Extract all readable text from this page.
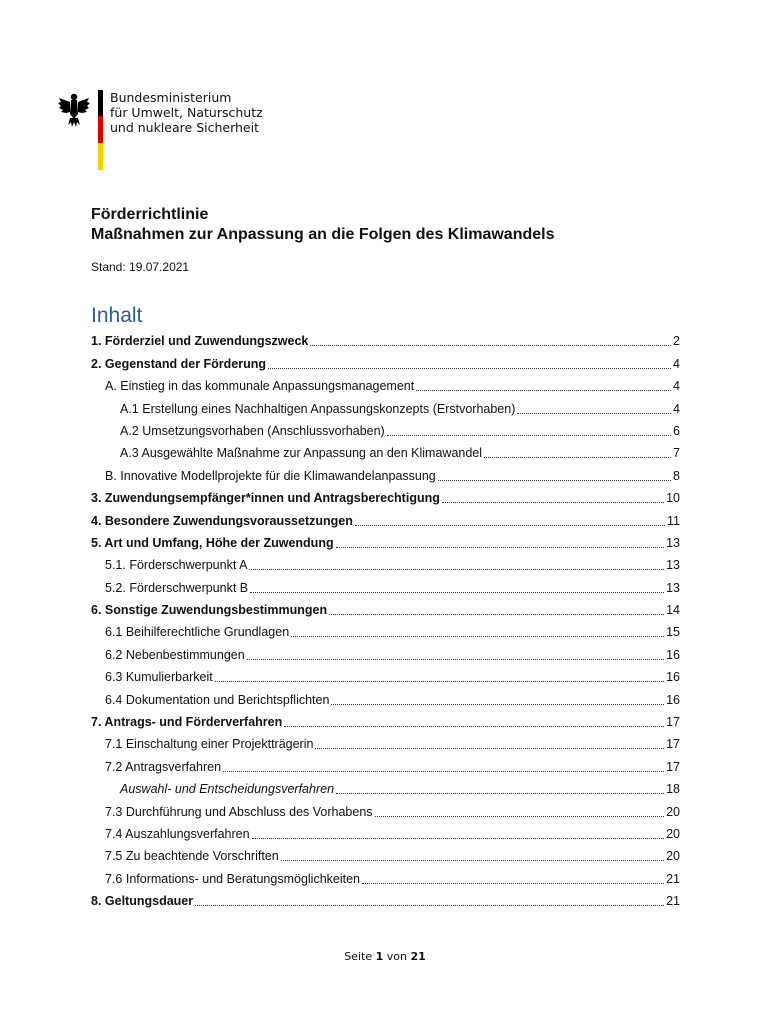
Bundesministerium
für Umwelt, Naturschutz
und nukleare Sicherheit
Förderrichtlinie
Maßnahmen zur Anpassung an die Folgen des Klimawandels
Stand: 19.07.2021
Inhalt
1. Förderziel und Zuwendungszweck	2
2. Gegenstand der Förderung	4
A. Einstieg in das kommunale Anpassungsmanagement	4
A.1 Erstellung eines Nachhaltigen Anpassungskonzepts (Erstvorhaben)	4
A.2 Umsetzungsvorhaben (Anschlussvorhaben)	6
A.3 Ausgewählte Maßnahme zur Anpassung an den Klimawandel	7
B. Innovative Modellprojekte für die Klimawandelanpassung	8
3. Zuwendungsempfänger*innen und Antragsberechtigung	10
4. Besondere Zuwendungsvoraussetzungen	11
5. Art und Umfang, Höhe der Zuwendung	13
5.1. Förderschwerpunkt A	13
5.2. Förderschwerpunkt B	13
6. Sonstige Zuwendungsbestimmungen	14
6.1 Beihilferechtliche Grundlagen	15
6.2 Nebenbestimmungen	16
6.3 Kumulierbarkeit	16
6.4 Dokumentation und Berichtspflichten	16
7. Antrags- und Förderverfahren	17
7.1 Einschaltung einer Projektträgerin	17
7.2 Antragsverfahren	17
Auswahl- und Entscheidungsverfahren	18
7.3 Durchführung und Abschluss des Vorhabens	20
7.4 Auszahlungsverfahren	20
7.5 Zu beachtende Vorschriften	20
7.6 Informations- und Beratungsmöglichkeiten	21
8. Geltungsdauer	21
Seite 1 von 21
